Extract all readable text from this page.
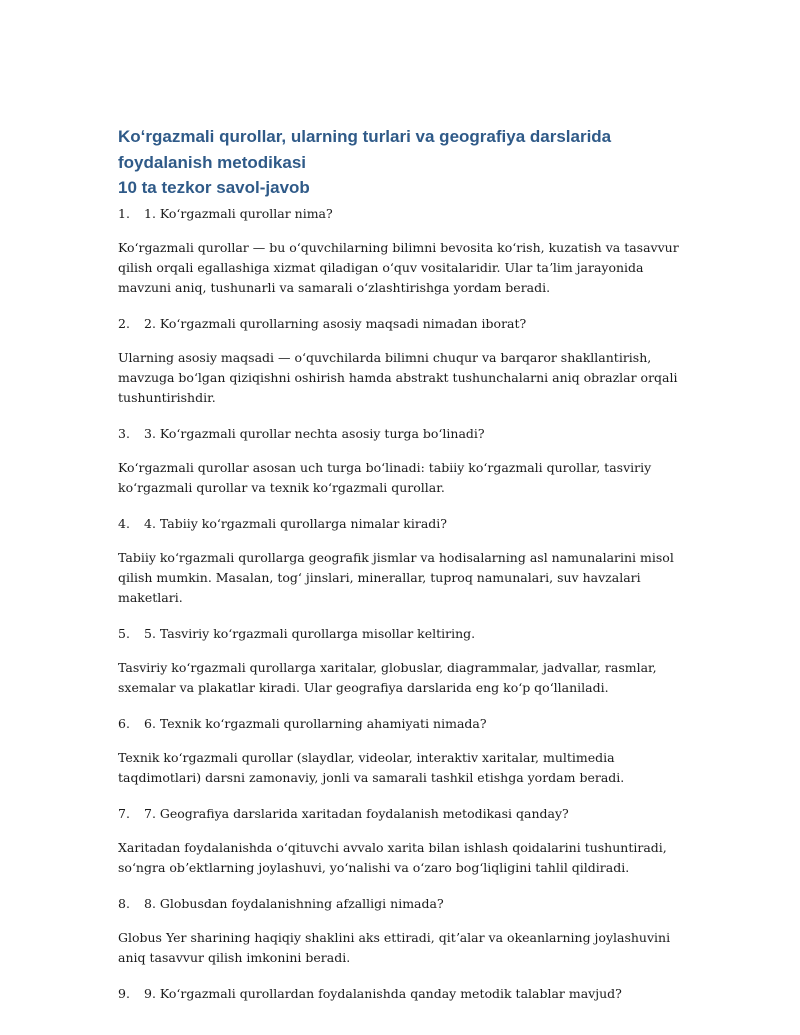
Koʻrgazmali qurollar, ularning turlari va geografiya darslarida foydalanish metodikasi
10 ta tezkor savol-javob
1.	1. Koʻrgazmali qurollar nima?

Koʻrgazmali qurollar — bu oʻquvchilarning bilimni bevosita koʻrish, kuzatish va tasavvur qilish orqali egallashiga xizmat qiladigan oʻquv vositalaridir. Ular taʼlim jarayonida mavzuni aniq, tushunarli va samarali oʻzlashtirishga yordam beradi.

2.	2. Koʻrgazmali qurollarning asosiy maqsadi nimadan iborat?

Ularning asosiy maqsadi — oʻquvchilarda bilimni chuqur va barqaror shakllantirish, mavzuga boʻlgan qiziqishni oshirish hamda abstrakt tushunchalarni aniq obrazlar orqali tushuntirishdir.

3.	3. Koʻrgazmali qurollar nechta asosiy turga boʻlinadi?

Koʻrgazmali qurollar asosan uch turga boʻlinadi: tabiiy koʻrgazmali qurollar, tasviriy koʻrgazmali qurollar va texnik koʻrgazmali qurollar.

4.	4. Tabiiy koʻrgazmali qurollarga nimalar kiradi?

Tabiiy koʻrgazmali qurollarga geografik jismlar va hodisalarning asl namunalarini misol qilish mumkin. Masalan, togʻ jinslari, minerallar, tuproq namunalari, suv havzalari maketlari.

5.	5. Tasviriy koʻrgazmali qurollarga misollar keltiring.

Tasviriy koʻrgazmali qurollarga xaritalar, globuslar, diagrammalar, jadvallar, rasmlar, sxemalar va plakatlar kiradi. Ular geografiya darslarida eng koʻp qoʻllaniladi.

6.	6. Texnik koʻrgazmali qurollarning ahamiyati nimada?

Texnik koʻrgazmali qurollar (slaydlar, videolar, interaktiv xaritalar, multimedia taqdimotlari) darsni zamonaviy, jonli va samarali tashkil etishga yordam beradi.

7.	7. Geografiya darslarida xaritadan foydalanish metodikasi qanday?

Xaritadan foydalanishda oʻqituvchi avvalo xarita bilan ishlash qoidalarini tushuntiradi, soʻngra obʼektlarning joylashuvi, yoʻnalishi va oʻzaro bogʻliqligini tahlil qildiradi.

8.	8. Globusdan foydalanishning afzalligi nimada?

Globus Yer sharining haqiqiy shaklini aks ettiradi, qitʼalar va okeanlarning joylashuvini aniq tasavvur qilish imkonini beradi.

9.	9. Koʻrgazmali qurollardan foydalanishda qanday metodik talablar mavjud?
